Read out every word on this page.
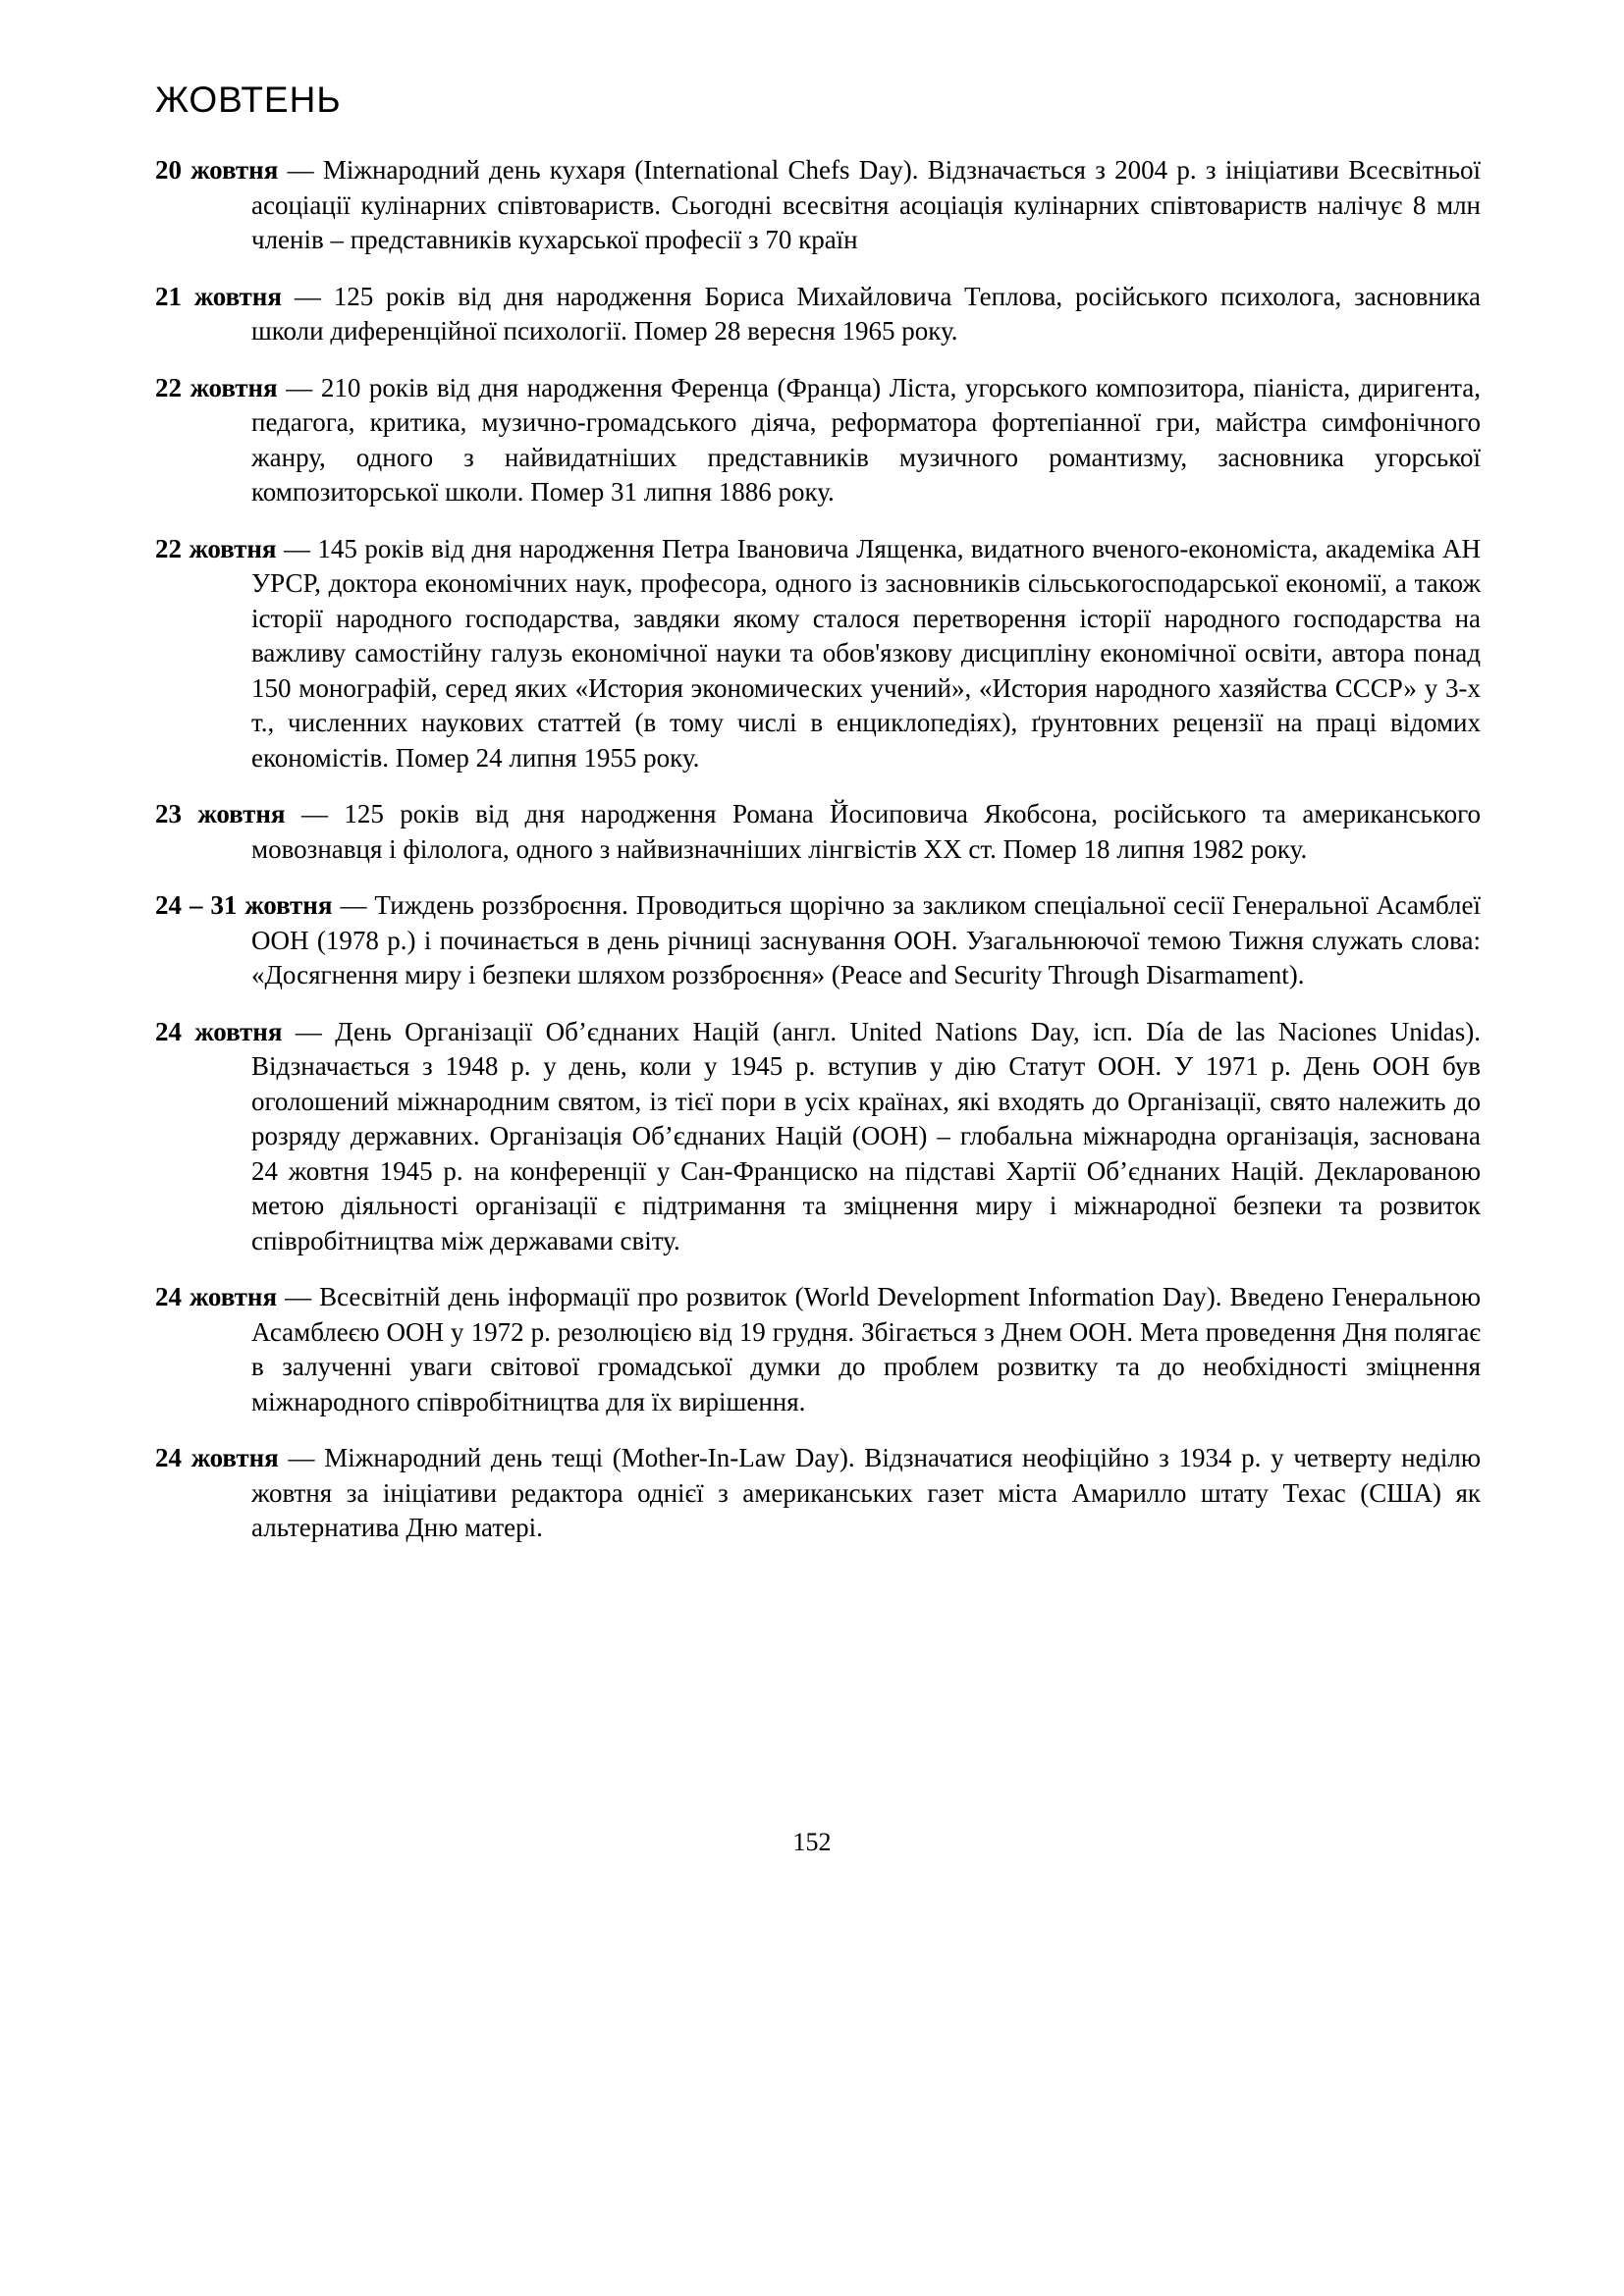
ЖОВТЕНЬ
20 жовтня — Міжнародний день кухаря (International Chefs Day). Відзначається з 2004 р. з ініціативи Всесвітньої асоціації кулінарних співтовариств. Сьогодні всесвітня асоціація кулінарних співтовариств налічує 8 млн членів – представників кухарської професії з 70 країн
21 жовтня — 125 років від дня народження Бориса Михайловича Теплова, російського психолога, засновника школи диференційної психології. Помер 28 вересня 1965 року.
22 жовтня — 210 років від дня народження Ференца (Франца) Ліста, угорського композитора, піаніста, диригента, педагога, критика, музично-громадського діяча, реформатора фортепіанної гри, майстра симфонічного жанру, одного з найвидатніших представників музичного романтизму, засновника угорської композиторської школи. Помер 31 липня 1886 року.
22 жовтня — 145 років від дня народження Петра Івановича Лященка, видатного вченого-економіста, академіка АН УРСР, доктора економічних наук, професора, одного із засновників сільськогосподарської економії, а також історії народного господарства, завдяки якому сталося перетворення історії народного господарства на важливу самостійну галузь економічної науки та обов'язкову дисципліну економічної освіти, автора понад 150 монографій, серед яких «История экономических учений», «История народного хазяйства СССР» у 3-х т., численних наукових статтей (в тому числі в енциклопедіях), ґрунтовних рецензії на праці відомих економістів. Помер 24 липня 1955 року.
23 жовтня — 125 років від дня народження Романа Йосиповича Якобсона, російського та американського мовознавця і філолога, одного з найвизначніших лінгвістів XX ст. Помер 18 липня 1982 року.
24 – 31 жовтня — Тиждень роззброєння. Проводиться щорічно за закликом спеціальної сесії Генеральної Асамблеї ООН (1978 р.) і починається в день річниці заснування ООН. Узагальнюючої темою Тижня служать слова: «Досягнення миру і безпеки шляхом роззброєння» (Peace and Security Through Disarmament).
24 жовтня — День Організації Об’єднаних Націй (англ. United Nations Day, ісп. Día de las Naciones Unidas). Відзначається з 1948 р. у день, коли у 1945 р. вступив у дію Статут ООН. У 1971 р. День ООН був оголошений міжнародним святом, із тієї пори в усіх країнах, які входять до Організації, свято належить до розряду державних. Організація Об’єднаних Націй (ООН) – глобальна міжнародна організація, заснована 24 жовтня 1945 р. на конференції у Сан-Франциско на підставі Хартії Об’єднаних Націй. Декларованою метою діяльності організації є підтримання та зміцнення миру і міжнародної безпеки та розвиток співробітництва між державами світу.
24 жовтня — Всесвітній день інформації про розвиток (World Development Information Day). Введено Генеральною Асамблеєю ООН у 1972 р. резолюцією від 19 грудня. Збігається з Днем ООН. Мета проведення Дня полягає в залученні уваги світової громадської думки до проблем розвитку та до необхідності зміцнення міжнародного співробітництва для їх вирішення.
24 жовтня — Міжнародний день тещі (Mother-In-Law Day). Відзначатися неофіційно з 1934 р. у четверту неділю жовтня за ініціативи редактора однієї з американських газет міста Амарилло штату Техас (США) як альтернатива Дню матері.
152
